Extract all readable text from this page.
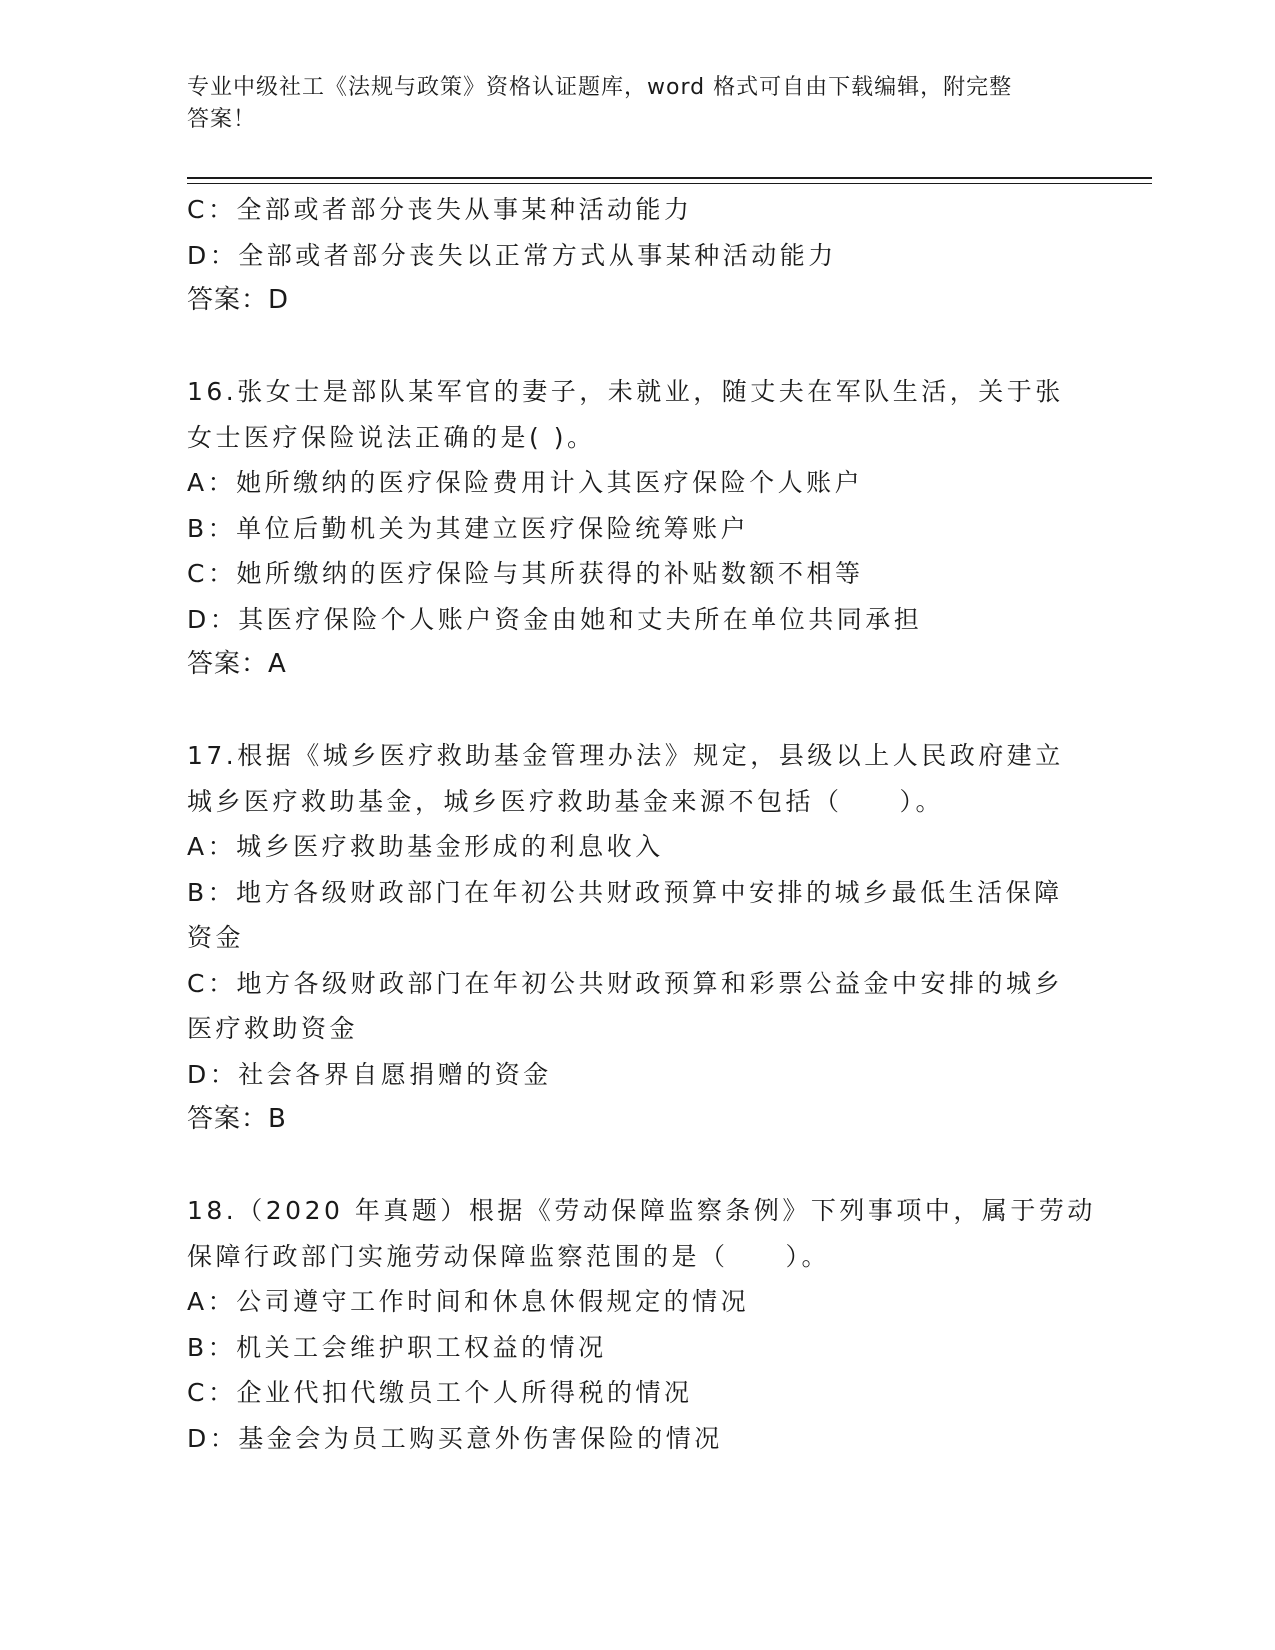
专业中级社工《法规与政策》资格认证题库，word 格式可自由下载编辑，附完整
答案！
C：全部或者部分丧失从事某种活动能力
D：全部或者部分丧失以正常方式从事某种活动能力
答案：D
16.张女士是部队某军官的妻子，未就业，随丈夫在军队生活，关于张
女士医疗保险说法正确的是( )。
A：她所缴纳的医疗保险费用计入其医疗保险个人账户
B：单位后勤机关为其建立医疗保险统筹账户
C：她所缴纳的医疗保险与其所获得的补贴数额不相等
D：其医疗保险个人账户资金由她和丈夫所在单位共同承担
答案：A
17.根据《城乡医疗救助基金管理办法》规定，县级以上人民政府建立
城乡医疗救助基金，城乡医疗救助基金来源不包括（　　）。
A：城乡医疗救助基金形成的利息收入
B：地方各级财政部门在年初公共财政预算中安排的城乡最低生活保障
资金
C：地方各级财政部门在年初公共财政预算和彩票公益金中安排的城乡
医疗救助资金
D：社会各界自愿捐赠的资金
答案：B
18.（2020 年真题）根据《劳动保障监察条例》下列事项中，属于劳动
保障行政部门实施劳动保障监察范围的是（　　）。
A：公司遵守工作时间和休息休假规定的情况
B：机关工会维护职工权益的情况
C：企业代扣代缴员工个人所得税的情况
D：基金会为员工购买意外伤害保险的情况
